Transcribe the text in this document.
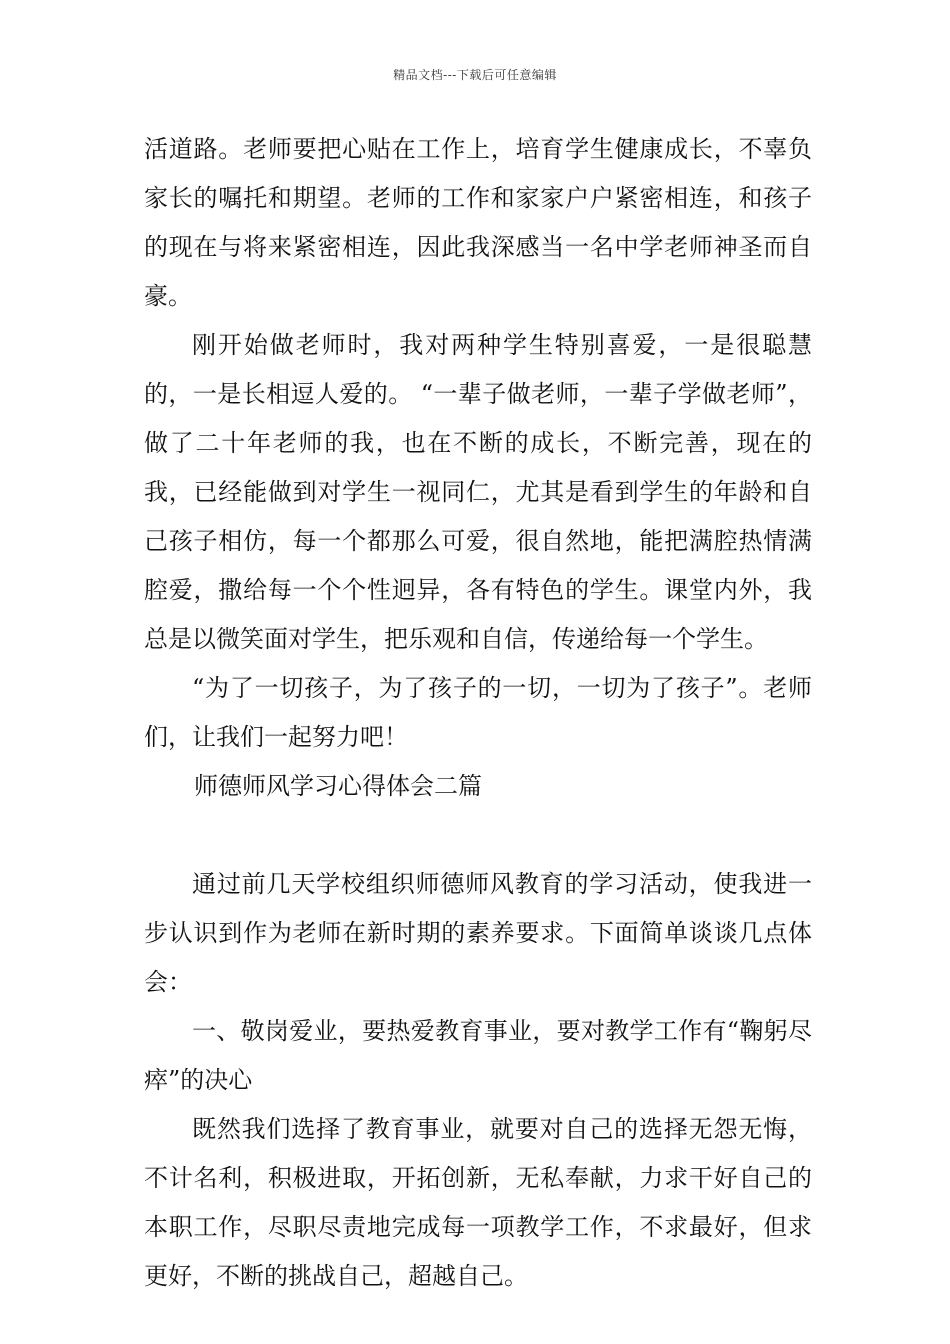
精品文档---下载后可任意编辑

活道路。老师要把心贴在工作上，培育学生健康成长，不辜负家长的嘱托和期望。老师的工作和家家户户紧密相连，和孩子的现在与将来紧密相连，因此我深感当一名中学老师神圣而自豪。

刚开始做老师时，我对两种学生特别喜爱，一是很聪慧的，一是长相逗人爱的。 “一辈子做老师，一辈子学做老师”，做了二十年老师的我，也在不断的成长，不断完善，现在的我，已经能做到对学生一视同仁，尤其是看到学生的年龄和自己孩子相仿，每一个都那么可爱，很自然地，能把满腔热情满腔爱，撒给每一个个性迥异，各有特色的学生。课堂内外，我总是以微笑面对学生，把乐观和自信，传递给每一个学生。

“为了一切孩子，为了孩子的一切，一切为了孩子”。老师们，让我们一起努力吧！

师德师风学习心得体会二篇

通过前几天学校组织师德师风教育的学习活动，使我进一步认识到作为老师在新时期的素养要求。下面简单谈谈几点体会：

一、敬岗爱业，要热爱教育事业，要对教学工作有“鞠躬尽瘁”的决心

既然我们选择了教育事业，就要对自己的选择无怨无悔，不计名利，积极进取，开拓创新，无私奉献，力求干好自己的本职工作，尽职尽责地完成每一项教学工作，不求最好，但求更好，不断的挑战自己，超越自己。
